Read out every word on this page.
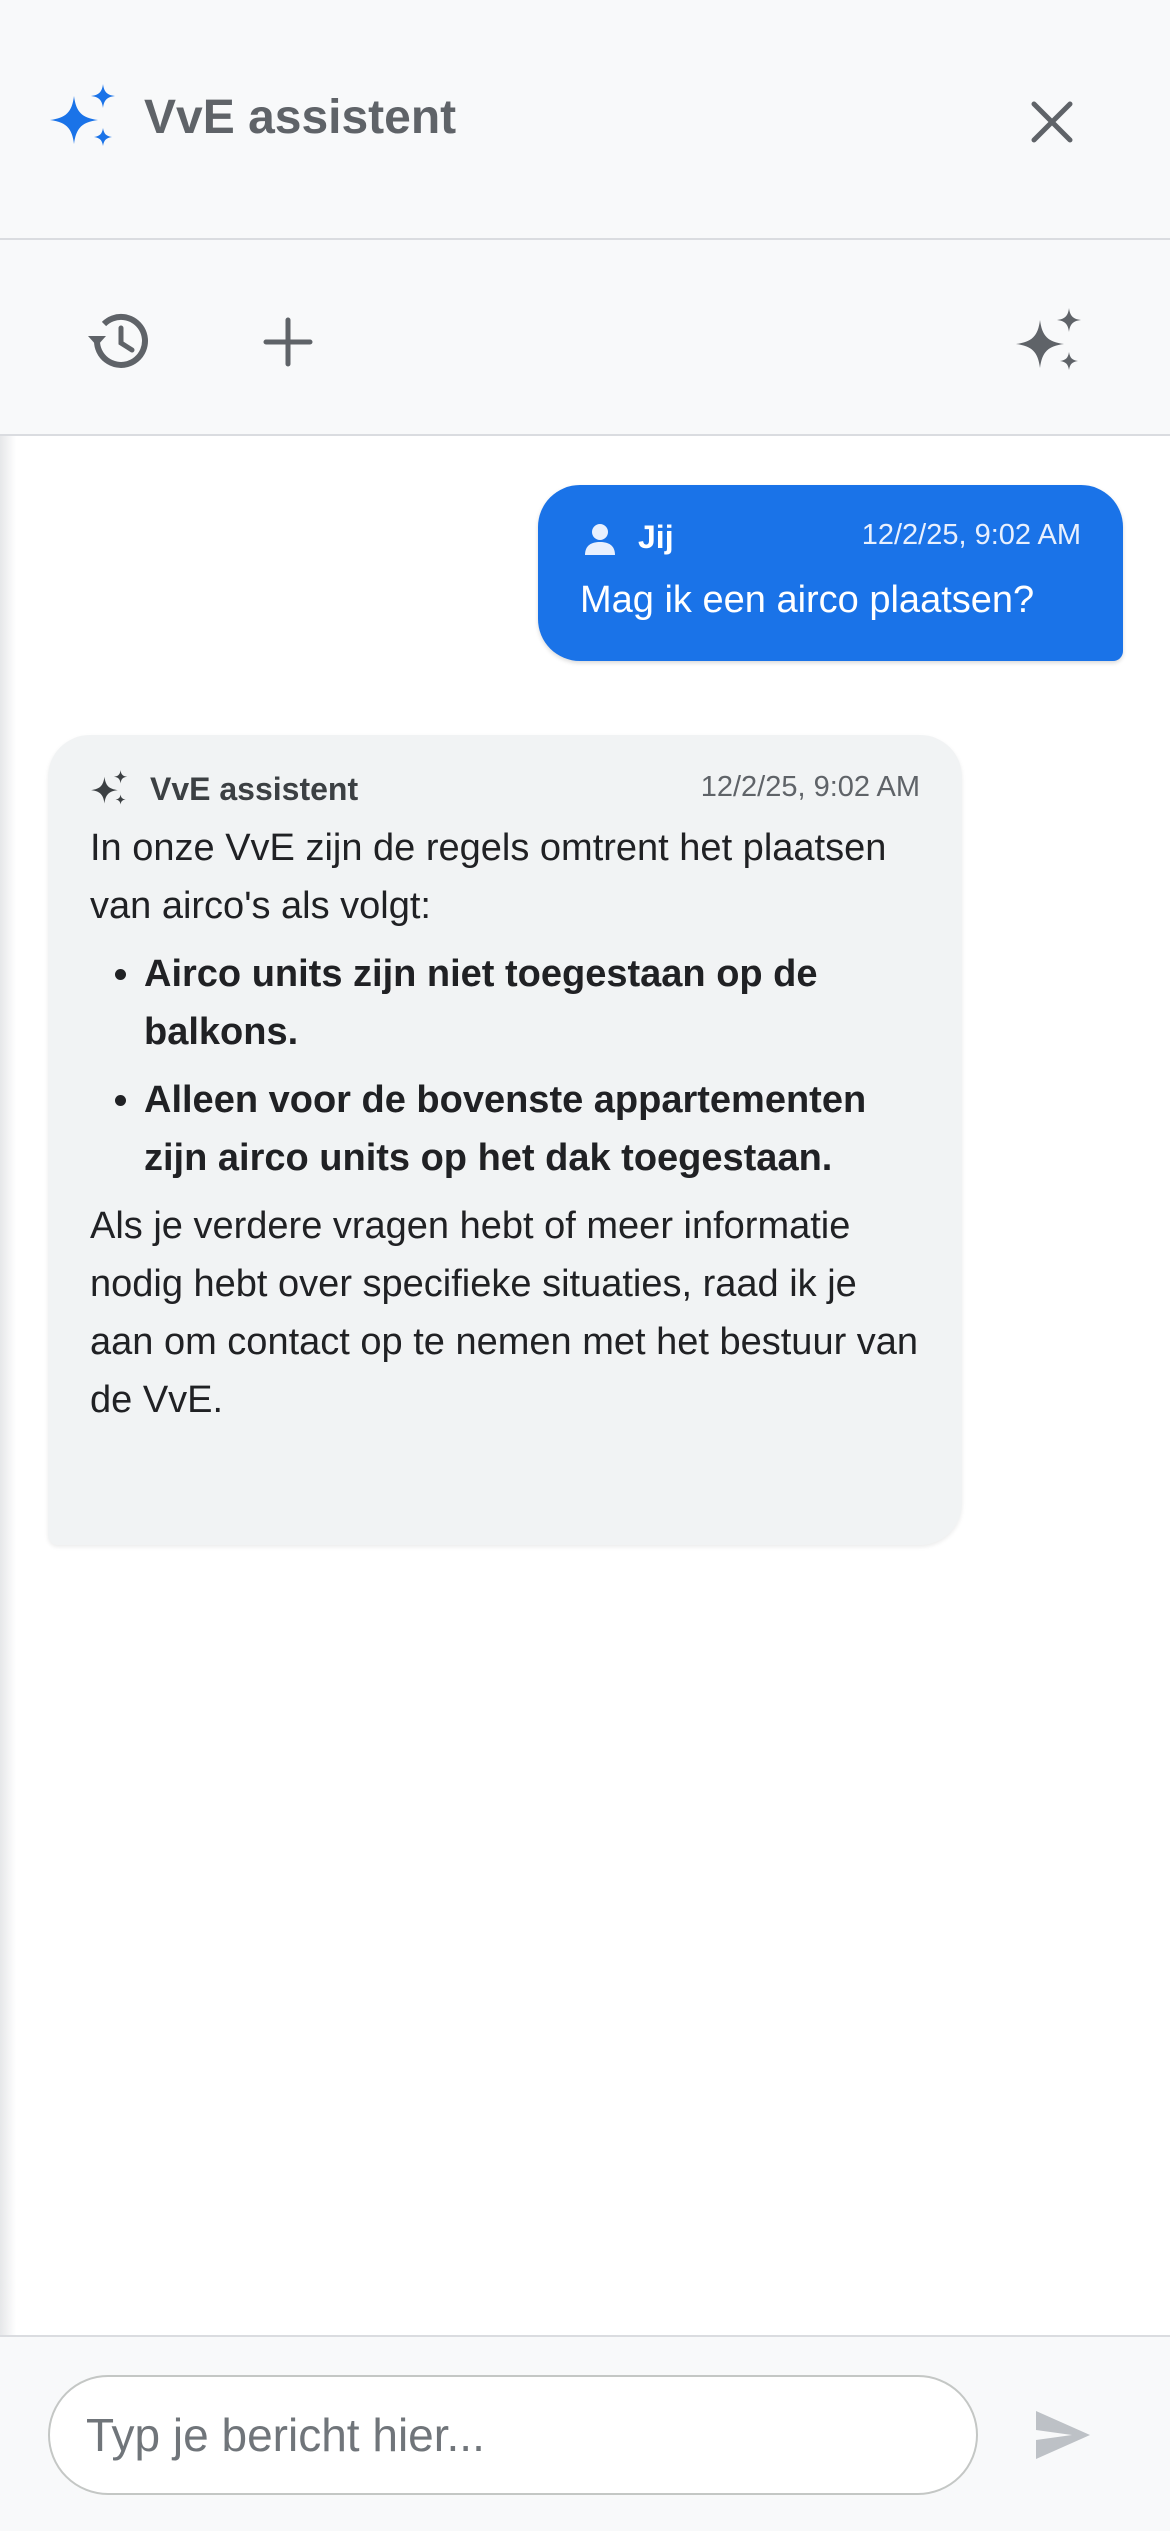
VvE assistent
Jij	12/2/25, 9:02 AM
Mag ik een airco plaatsen?
VvE assistent	12/2/25, 9:02 AM

In onze VvE zijn de regels omtrent het plaatsen van airco's als volgt:

• Airco units zijn niet toegestaan op de balkons.
• Alleen voor de bovenste appartementen zijn airco units op het dak toegestaan.

Als je verdere vragen hebt of meer informatie nodig hebt over specifieke situaties, raad ik je aan om contact op te nemen met het bestuur van de VvE.

Typ je bericht hier...
